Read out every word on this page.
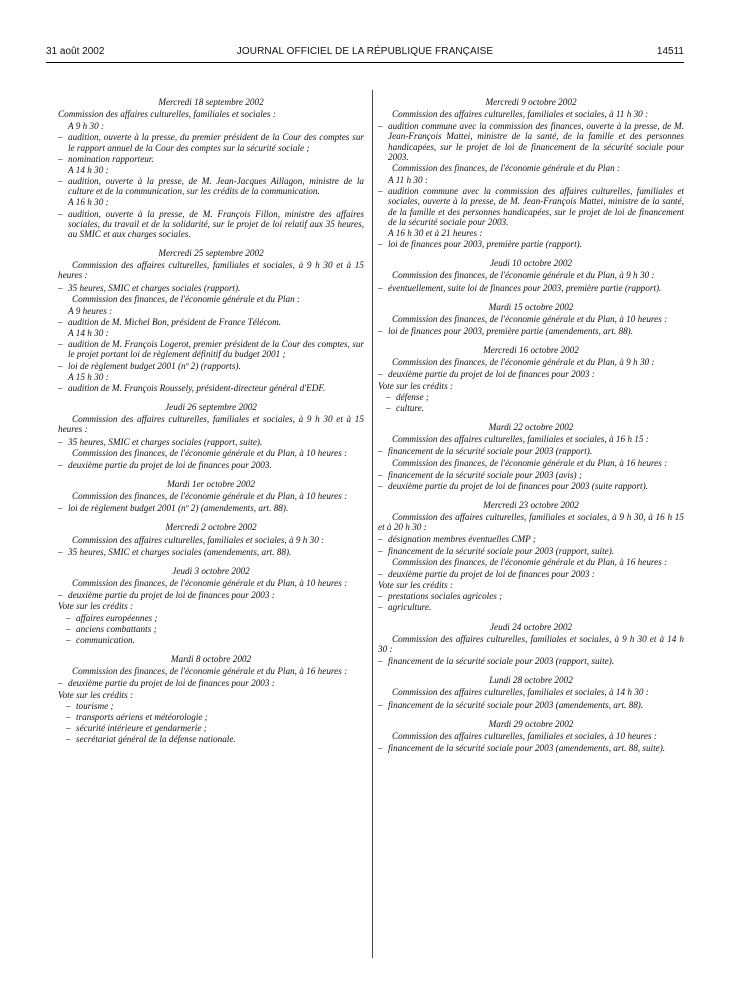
31 août 2002	JOURNAL OFFICIEL DE LA RÉPUBLIQUE FRANÇAISE	14511
Mercredi 18 septembre 2002
Commission des affaires culturelles, familiales et sociales :
A 9 h 30 :
– audition, ouverte à la presse, du premier président de la Cour des comptes sur le rapport annuel de la Cour des comptes sur la sécurité sociale ;
– nomination rapporteur.
A 14 h 30 :
– audition, ouverte à la presse, de M. Jean-Jacques Aillagon, ministre de la culture et de la communication, sur les crédits de la communication.
A 16 h 30 :
– audition, ouverte à la presse, de M. François Fillon, ministre des affaires sociales, du travail et de la solidarité, sur le projet de loi relatif aux 35 heures, au SMIC et aux charges sociales.
Mercredi 25 septembre 2002
Commission des affaires culturelles, familiales et sociales, à 9 h 30 et à 15 heures :
– 35 heures, SMIC et charges sociales (rapport).
Commission des finances, de l'économie générale et du Plan :
A 9 heures :
– audition de M. Michel Bon, président de France Télécom.
A 14 h 30 :
– audition de M. François Logerot, premier président de la Cour des comptes, sur le projet portant loi de règlement définitif du budget 2001 ;
– loi de règlement budget 2001 (nº 2) (rapports).
A 15 h 30 :
– audition de M. François Roussely, président-directeur général d'EDF.
Jeudi 26 septembre 2002
Commission des affaires culturelles, familiales et sociales, à 9 h 30 et à 15 heures :
– 35 heures, SMIC et charges sociales (rapport, suite).
Commission des finances, de l'économie générale et du Plan, à 10 heures :
– deuxième partie du projet de loi de finances pour 2003.
Mardi 1er octobre 2002
Commission des finances, de l'économie générale et du Plan, à 10 heures :
– loi de règlement budget 2001 (nº 2) (amendements, art. 88).
Mercredi 2 octobre 2002
Commission des affaires culturelles, familiales et sociales, à 9 h 30 :
– 35 heures, SMIC et charges sociales (amendements, art. 88).
Jeudi 3 octobre 2002
Commission des finances, de l'économie générale et du Plan, à 10 heures :
– deuxième partie du projet de loi de finances pour 2003 :
Vote sur les crédits :
– affaires européennes ;
– anciens combattants ;
– communication.
Mardi 8 octobre 2002
Commission des finances, de l'économie générale et du Plan, à 16 heures :
– deuxième partie du projet de loi de finances pour 2003 :
Vote sur les crédits :
– tourisme ;
– transports aériens et météorologie ;
– sécurité intérieure et gendarmerie ;
– secrétariat général de la défense nationale.
Mercredi 9 octobre 2002
Commission des affaires culturelles, familiales et sociales, à 11 h 30 :
– audition commune avec la commission des finances, ouverte à la presse, de M. Jean-François Mattei, ministre de la santé, de la famille et des personnes handicapées, sur le projet de loi de financement de la sécurité sociale pour 2003.
Commission des finances, de l'économie générale et du Plan :
A 11 h 30 :
– audition commune avec la commission des affaires culturelles, familiales et sociales, ouverte à la presse, de M. Jean-François Mattei, ministre de la santé, de la famille et des personnes handicapées, sur le projet de loi de financement de la sécurité sociale pour 2003.
A 16 h 30 et à 21 heures :
– loi de finances pour 2003, première partie (rapport).
Jeudi 10 octobre 2002
Commission des finances, de l'économie générale et du Plan, à 9 h 30 :
– éventuellement, suite loi de finances pour 2003, première partie (rapport).
Mardi 15 octobre 2002
Commission des finances, de l'économie générale et du Plan, à 10 heures :
– loi de finances pour 2003, première partie (amendements, art. 88).
Mercredi 16 octobre 2002
Commission des finances, de l'économie générale et du Plan, à 9 h 30 :
– deuxième partie du projet de loi de finances pour 2003 :
Vote sur les crédits :
– défense ;
– culture.
Mardi 22 octobre 2002
Commission des affaires culturelles, familiales et sociales, à 16 h 15 :
– financement de la sécurité sociale pour 2003 (rapport).
Commission des finances, de l'économie générale et du Plan, à 16 heures :
– financement de la sécurité sociale pour 2003 (avis) ;
– deuxième partie du projet de loi de finances pour 2003 (suite rapport).
Mercredi 23 octobre 2002
Commission des affaires culturelles, familiales et sociales, à 9 h 30, à 16 h 15 et à 20 h 30 :
– désignation membres éventuelles CMP ;
– financement de la sécurité sociale pour 2003 (rapport, suite).
Commission des finances, de l'économie générale et du Plan, à 16 heures :
– deuxième partie du projet de loi de finances pour 2003 :
Vote sur les crédits :
– prestations sociales agricoles ;
– agriculture.
Jeudi 24 octobre 2002
Commission des affaires culturelles, familiales et sociales, à 9 h 30 et à 14 h 30 :
– financement de la sécurité sociale pour 2003 (rapport, suite).
Lundi 28 octobre 2002
Commission des affaires culturelles, familiales et sociales, à 14 h 30 :
– financement de la sécurité sociale pour 2003 (amendements, art. 88).
Mardi 29 octobre 2002
Commission des affaires culturelles, familiales et sociales, à 10 heures :
– financement de la sécurité sociale pour 2003 (amendements, art. 88, suite).
